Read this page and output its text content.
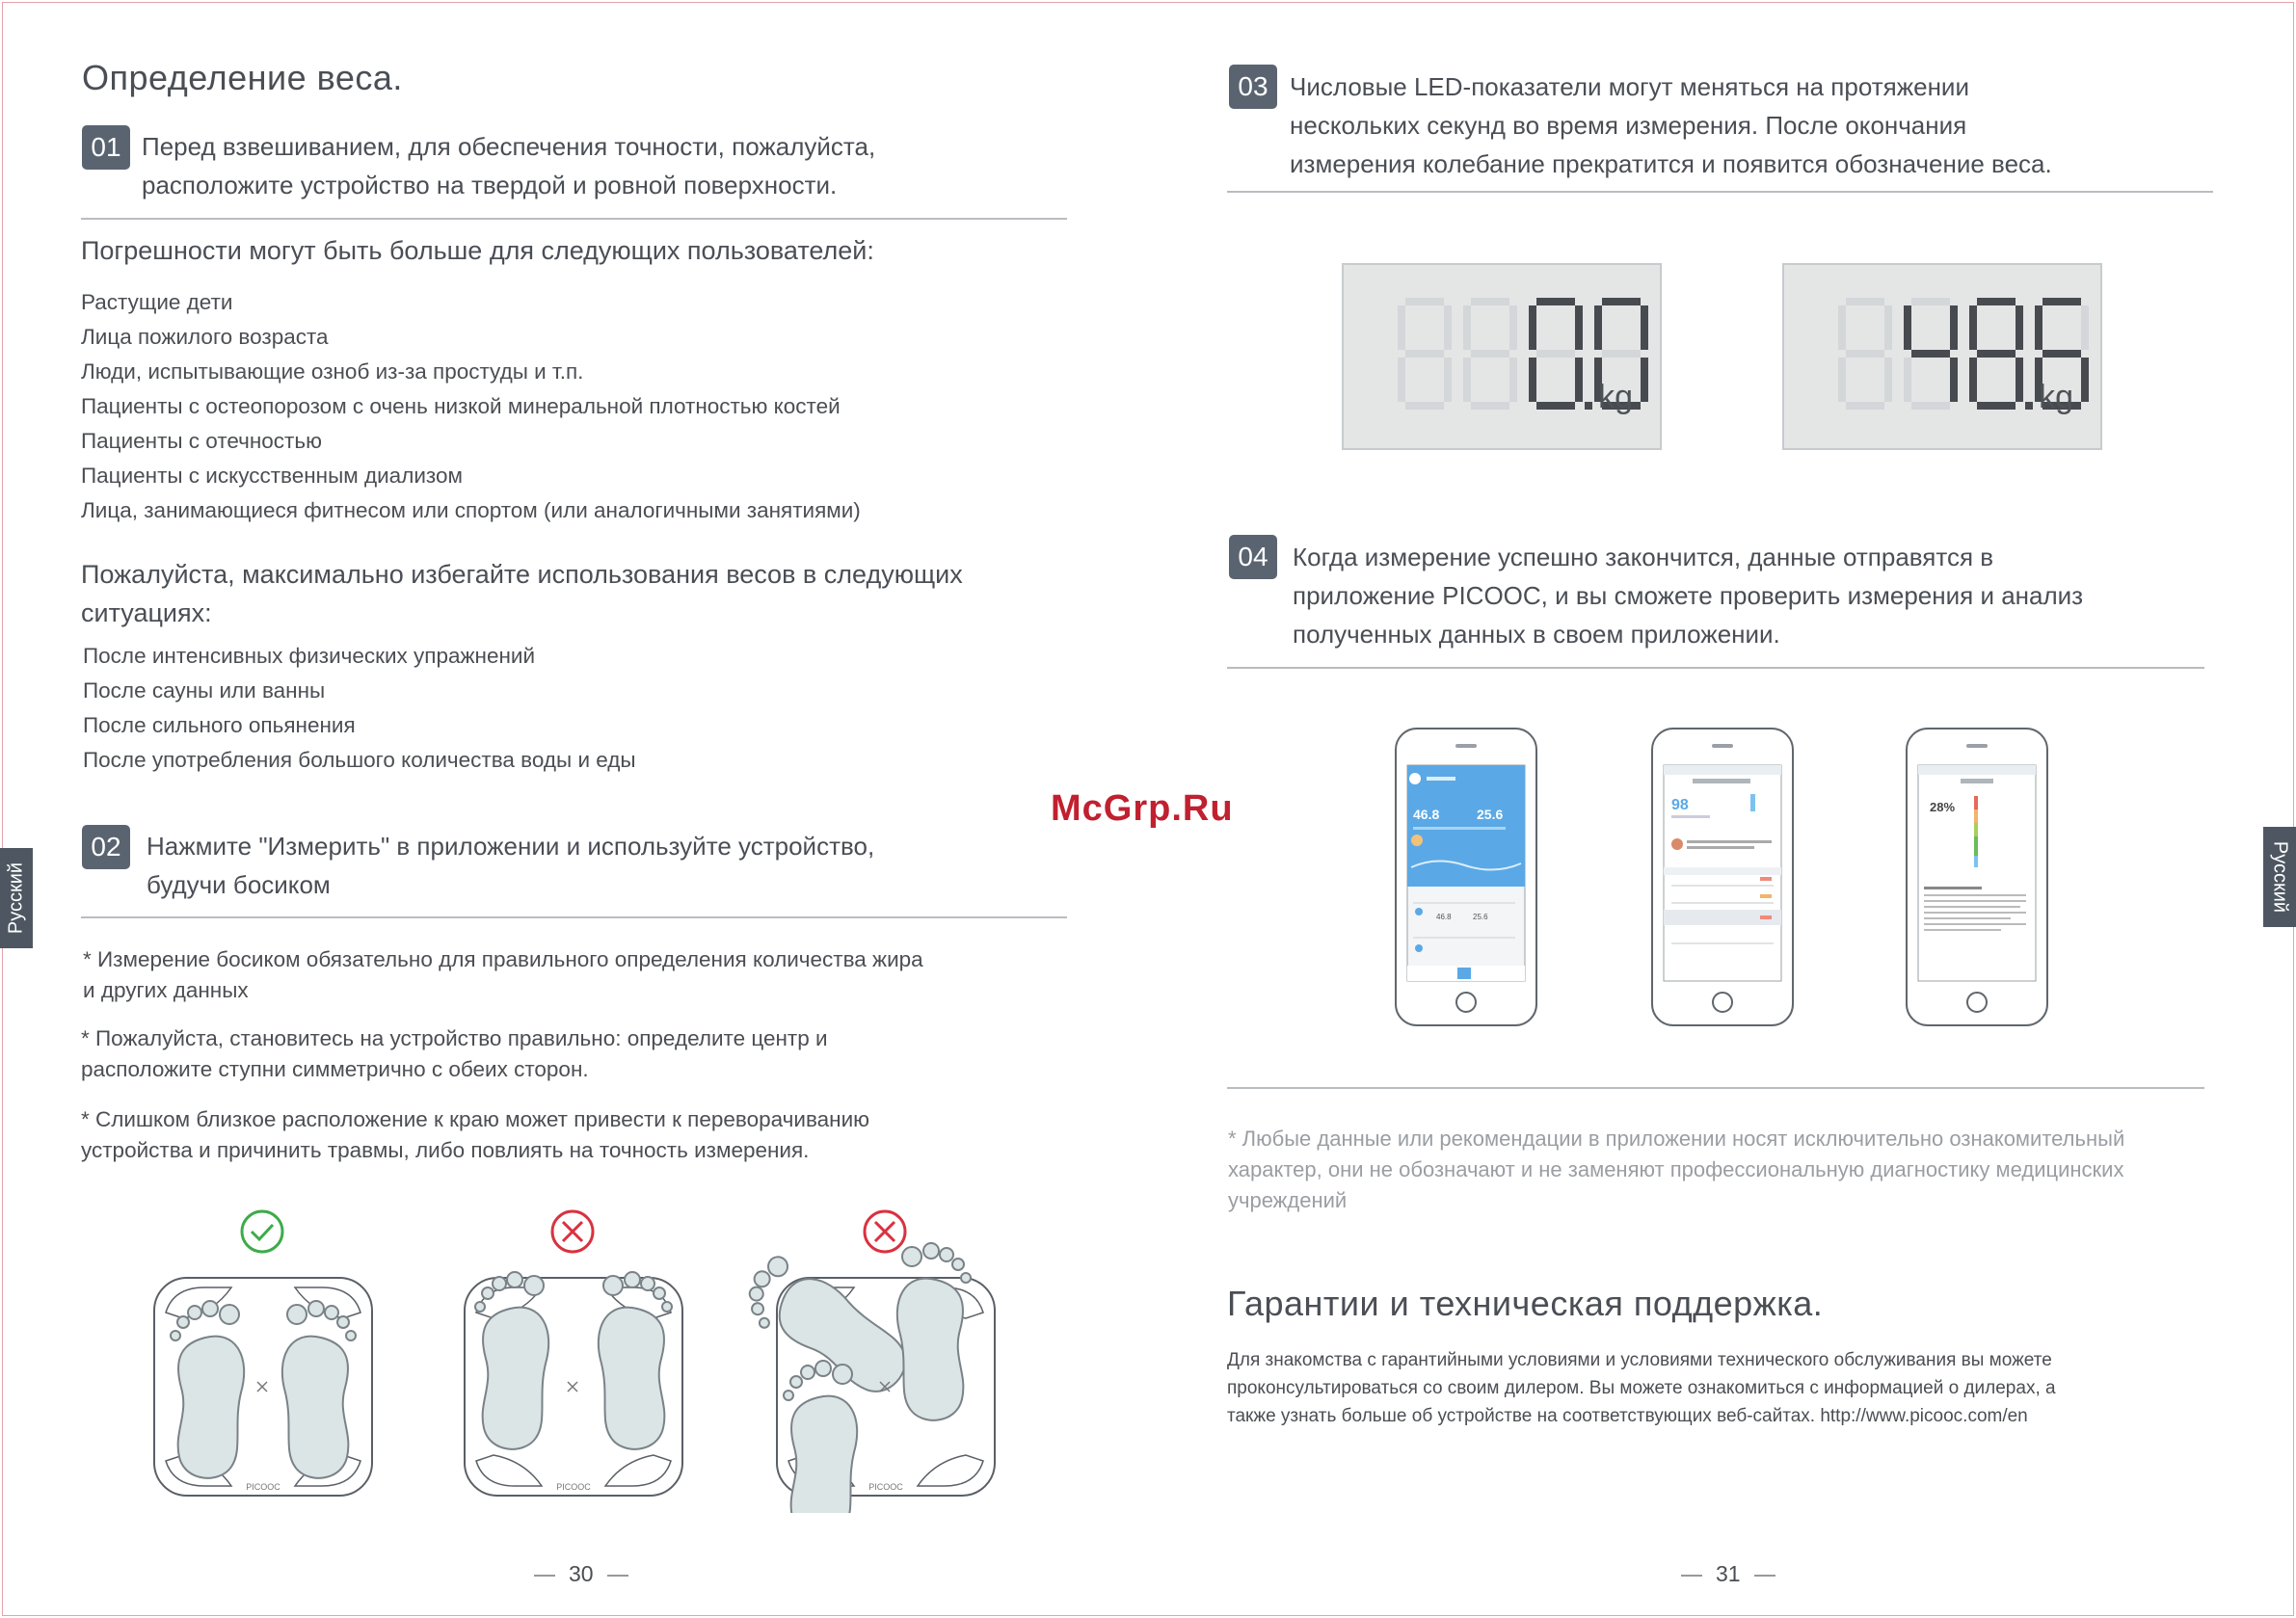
Русский	Русский
McGrp.Ru
Определение веса.
01 Перед взвешиванием, для обеспечения точности, пожалуйста,
расположите устройство на твердой и ровной поверхности.
Погрешности могут быть больше для следующих пользователей:
Растущие дети
Лица пожилого возраста
Люди, испытывающие озноб из-за простуды и т.п.
Пациенты с остеопорозом с очень низкой минеральной плотностью костей
Пациенты с отечностью
Пациенты с искусственным диализом
Лица, занимающиеся фитнесом или спортом (или аналогичными занятиями)
Пожалуйста, максимально избегайте использования весов в следующих
ситуациях:
После интенсивных физических упражнений
После сауны или ванны
После сильного опьянения
После употребления большого количества воды и еды
02	Нажмите "Измерить" в приложении и используйте устройство,
будучи босиком
* Измерение босиком обязательно для правильного определения количества жира
и других данных
* Пожалуйста, становитесь на устройство правильно: определите центр и
расположите ступни симметрично с обеих сторон.
* Слишком близкое расположение к краю может привести к переворачиванию
устройства и причинить травмы, либо повлиять на точность измерения.
PICOOC	PICOOC	PICOOC
30
03 Числовые LED-показатели могут меняться на протяжении
нескольких секунд во время измерения. После окончания
измерения колебание прекратится и появится обозначение веса.
kg	kg
04 Когда измерение успешно закончится, данные отправятся в
приложение PICOOC, и вы сможете проверить измерения и анализ
полученных данных в своем приложении.
46.8	25.6
46.8	25.6
98	28%
* Любые данные или рекомендации в приложении носят исключительно ознакомительный
характер, они не обозначают и не заменяют профессиональную диагностику медицинских
учреждений
Гарантии и техническая поддержка.
Для знакомства с гарантийными условиями и условиями технического обслуживания вы можете
проконсультироваться со своим дилером. Вы можете ознакомиться с информацией о дилерах, а
также узнать больше об устройстве на соответствующих веб-сайтах. http://www.picooc.com/en
31
